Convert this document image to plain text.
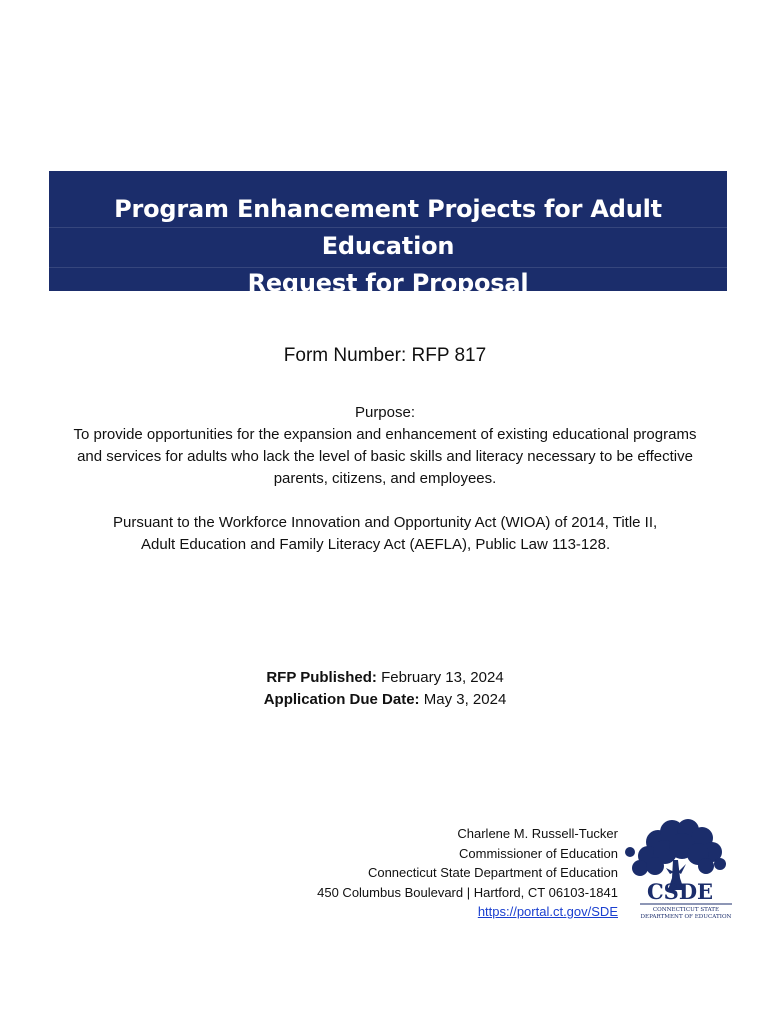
Program Enhancement Projects for Adult Education
Request for Proposal
Form Number: RFP 817
Purpose:
To provide opportunities for the expansion and enhancement of existing educational programs and services for adults who lack the level of basic skills and literacy necessary to be effective parents, citizens, and employees.
Pursuant to the Workforce Innovation and Opportunity Act (WIOA) of 2014, Title II,
Adult Education and Family Literacy Act (AEFLA), Public Law 113-128.
RFP Published: February 13, 2024
Application Due Date: May 3, 2024
Charlene M. Russell-Tucker
Commissioner of Education
Connecticut State Department of Education
450 Columbus Boulevard | Hartford, CT 06103-1841
https://portal.ct.gov/SDE
CSDE
CONNECTICUT STATE
DEPARTMENT OF EDUCATION
